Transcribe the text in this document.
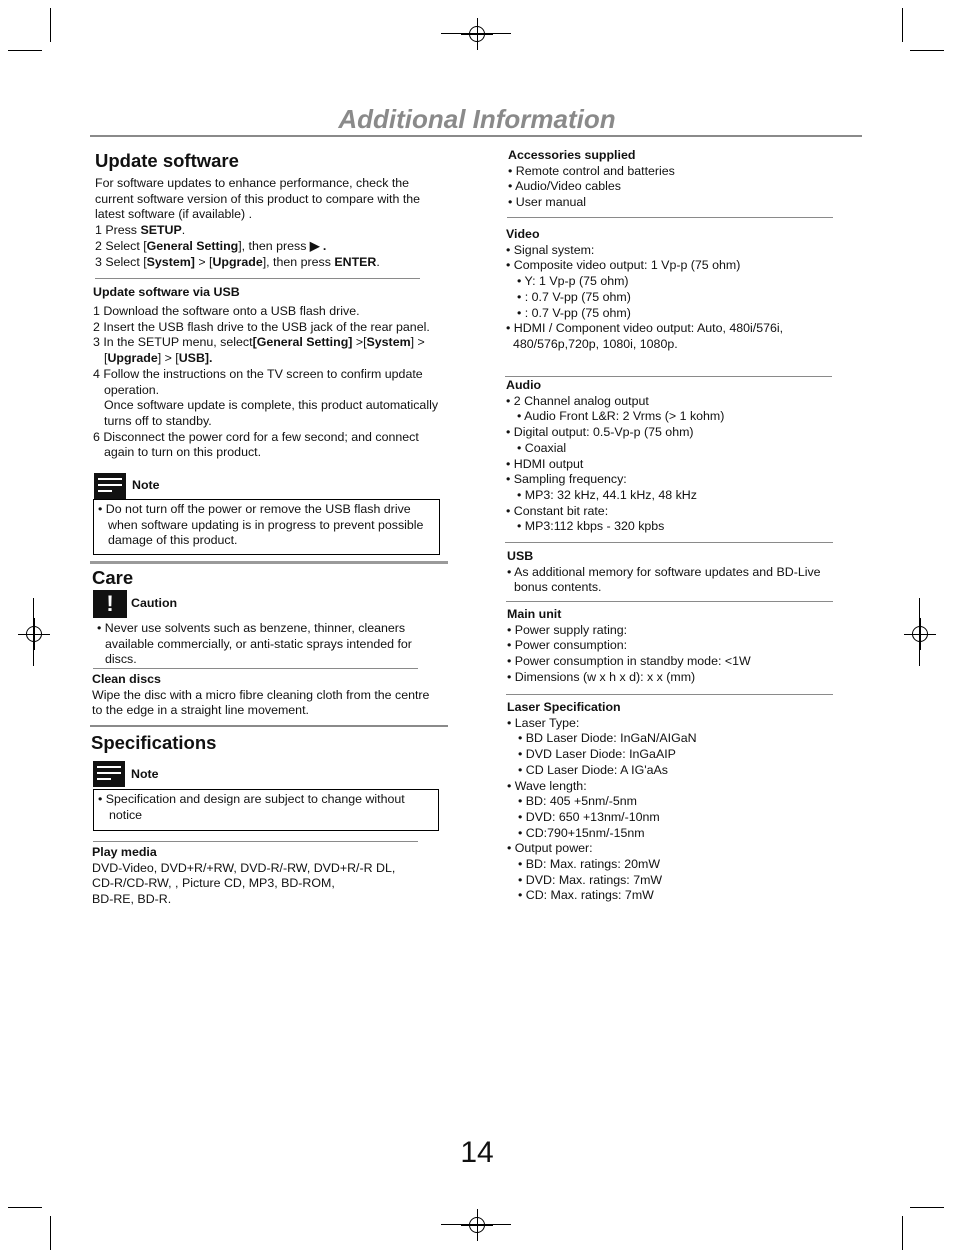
Additional Information

Update software

For software updates to enhance performance, check the

current software version of this product to compare with the

latest software (if available) .

1 Press SETUP.

2 Select [General Setting], then press ▶ .

3 Select [System] > [Upgrade], then press ENTER.

Update software via USB

1 Download the software onto a USB flash drive.

2 Insert the USB flash drive to the USB jack of the rear panel.

3 In the SETUP menu, select[General Setting] >[System] >

[Upgrade] > [USB].

4 Follow the instructions on the TV screen to confirm update

operation.

Once software update is complete, this product automatically

turns off to standby.

6 Disconnect the power cord for a few second; and connect

again to turn on this product.

Note

• Do not turn off the power or remove the USB flash drive

when software updating is in progress to prevent possible

damage of this product.

Care

!	Caution

• Never use solvents such as benzene, thinner, cleaners

available commercially, or anti-static sprays intended for

discs.

Clean discs

Wipe the disc with a micro fibre cleaning cloth from the centre

to the edge in a straight line movement.

Specifications

Note

• Specification and design are subject to change without

notice

Play media

DVD-Video, DVD+R/+RW, DVD-R/-RW, DVD+R/-R DL,

CD-R/CD-RW, , Picture CD, MP3, BD-ROM,

BD-RE, BD-R.

Accessories supplied

• Remote control and batteries

• Audio/Video cables

• User manual

Video

• Signal system:

• Composite video output: 1 Vp-p (75 ohm)

• Y: 1 Vp-p (75 ohm)

• : 0.7 V-pp (75 ohm)

• : 0.7 V-pp (75 ohm)

• HDMI / Component video output: Auto, 480i/576i,

480/576p,720p, 1080i, 1080p.

Audio

• 2 Channel analog output

• Audio Front L&R: 2 Vrms (> 1 kohm)

• Digital output: 0.5-Vp-p (75 ohm)

• Coaxial

• HDMI output

• Sampling frequency:

• MP3: 32 kHz, 44.1 kHz, 48 kHz

• Constant bit rate:

• MP3:112 kbps - 320 kpbs

USB

• As additional memory for software updates and BD-Live

bonus contents.

Main unit

• Power supply rating:

• Power consumption:

• Power consumption in standby mode: <1W

• Dimensions (w x h x d): x x (mm)

Laser Specification

• Laser Type:

• BD Laser Diode: InGaN/AIGaN

• DVD Laser Diode: InGaAIP

• CD Laser Diode: A IG'aAs

• Wave length:

• BD: 405 +5nm/-5nm

• DVD: 650 +13nm/-10nm

• CD:790+15nm/-15nm

• Output power:

• BD: Max. ratings: 20mW

• DVD: Max. ratings: 7mW

• CD: Max. ratings: 7mW

14
